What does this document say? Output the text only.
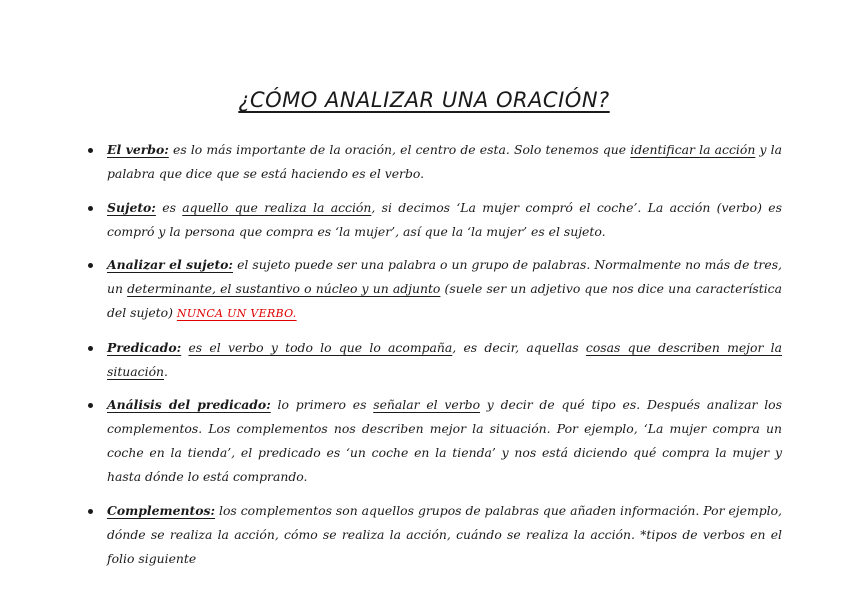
¿CÓMO ANALIZAR UNA ORACIÓN?
El verbo: es lo más importante de la oración, el centro de esta. Solo tenemos que identificar la acción y la palabra que dice que se está haciendo es el verbo.
Sujeto: es aquello que realiza la acción, si decimos ‘La mujer compró el coche’. La acción (verbo) es compró y la persona que compra es ‘la mujer’, así que la ‘la mujer’ es el sujeto.
Analizar el sujeto: el sujeto puede ser una palabra o un grupo de palabras. Normalmente no más de tres, un determinante, el sustantivo o núcleo y un adjunto (suele ser un adjetivo que nos dice una característica del sujeto) NUNCA UN VERBO.
Predicado: es el verbo y todo lo que lo acompaña, es decir, aquellas cosas que describen mejor la situación.
Análisis del predicado: lo primero es señalar el verbo y decir de qué tipo es. Después analizar los complementos. Los complementos nos describen mejor la situación. Por ejemplo, ‘La mujer compra un coche en la tienda’, el predicado es ‘un coche en la tienda’ y nos está diciendo qué compra la mujer y hasta dónde lo está comprando.
Complementos: los complementos son aquellos grupos de palabras que añaden información. Por ejemplo, dónde se realiza la acción, cómo se realiza la acción, cuándo se realiza la acción. *tipos de verbos en el folio siguiente
